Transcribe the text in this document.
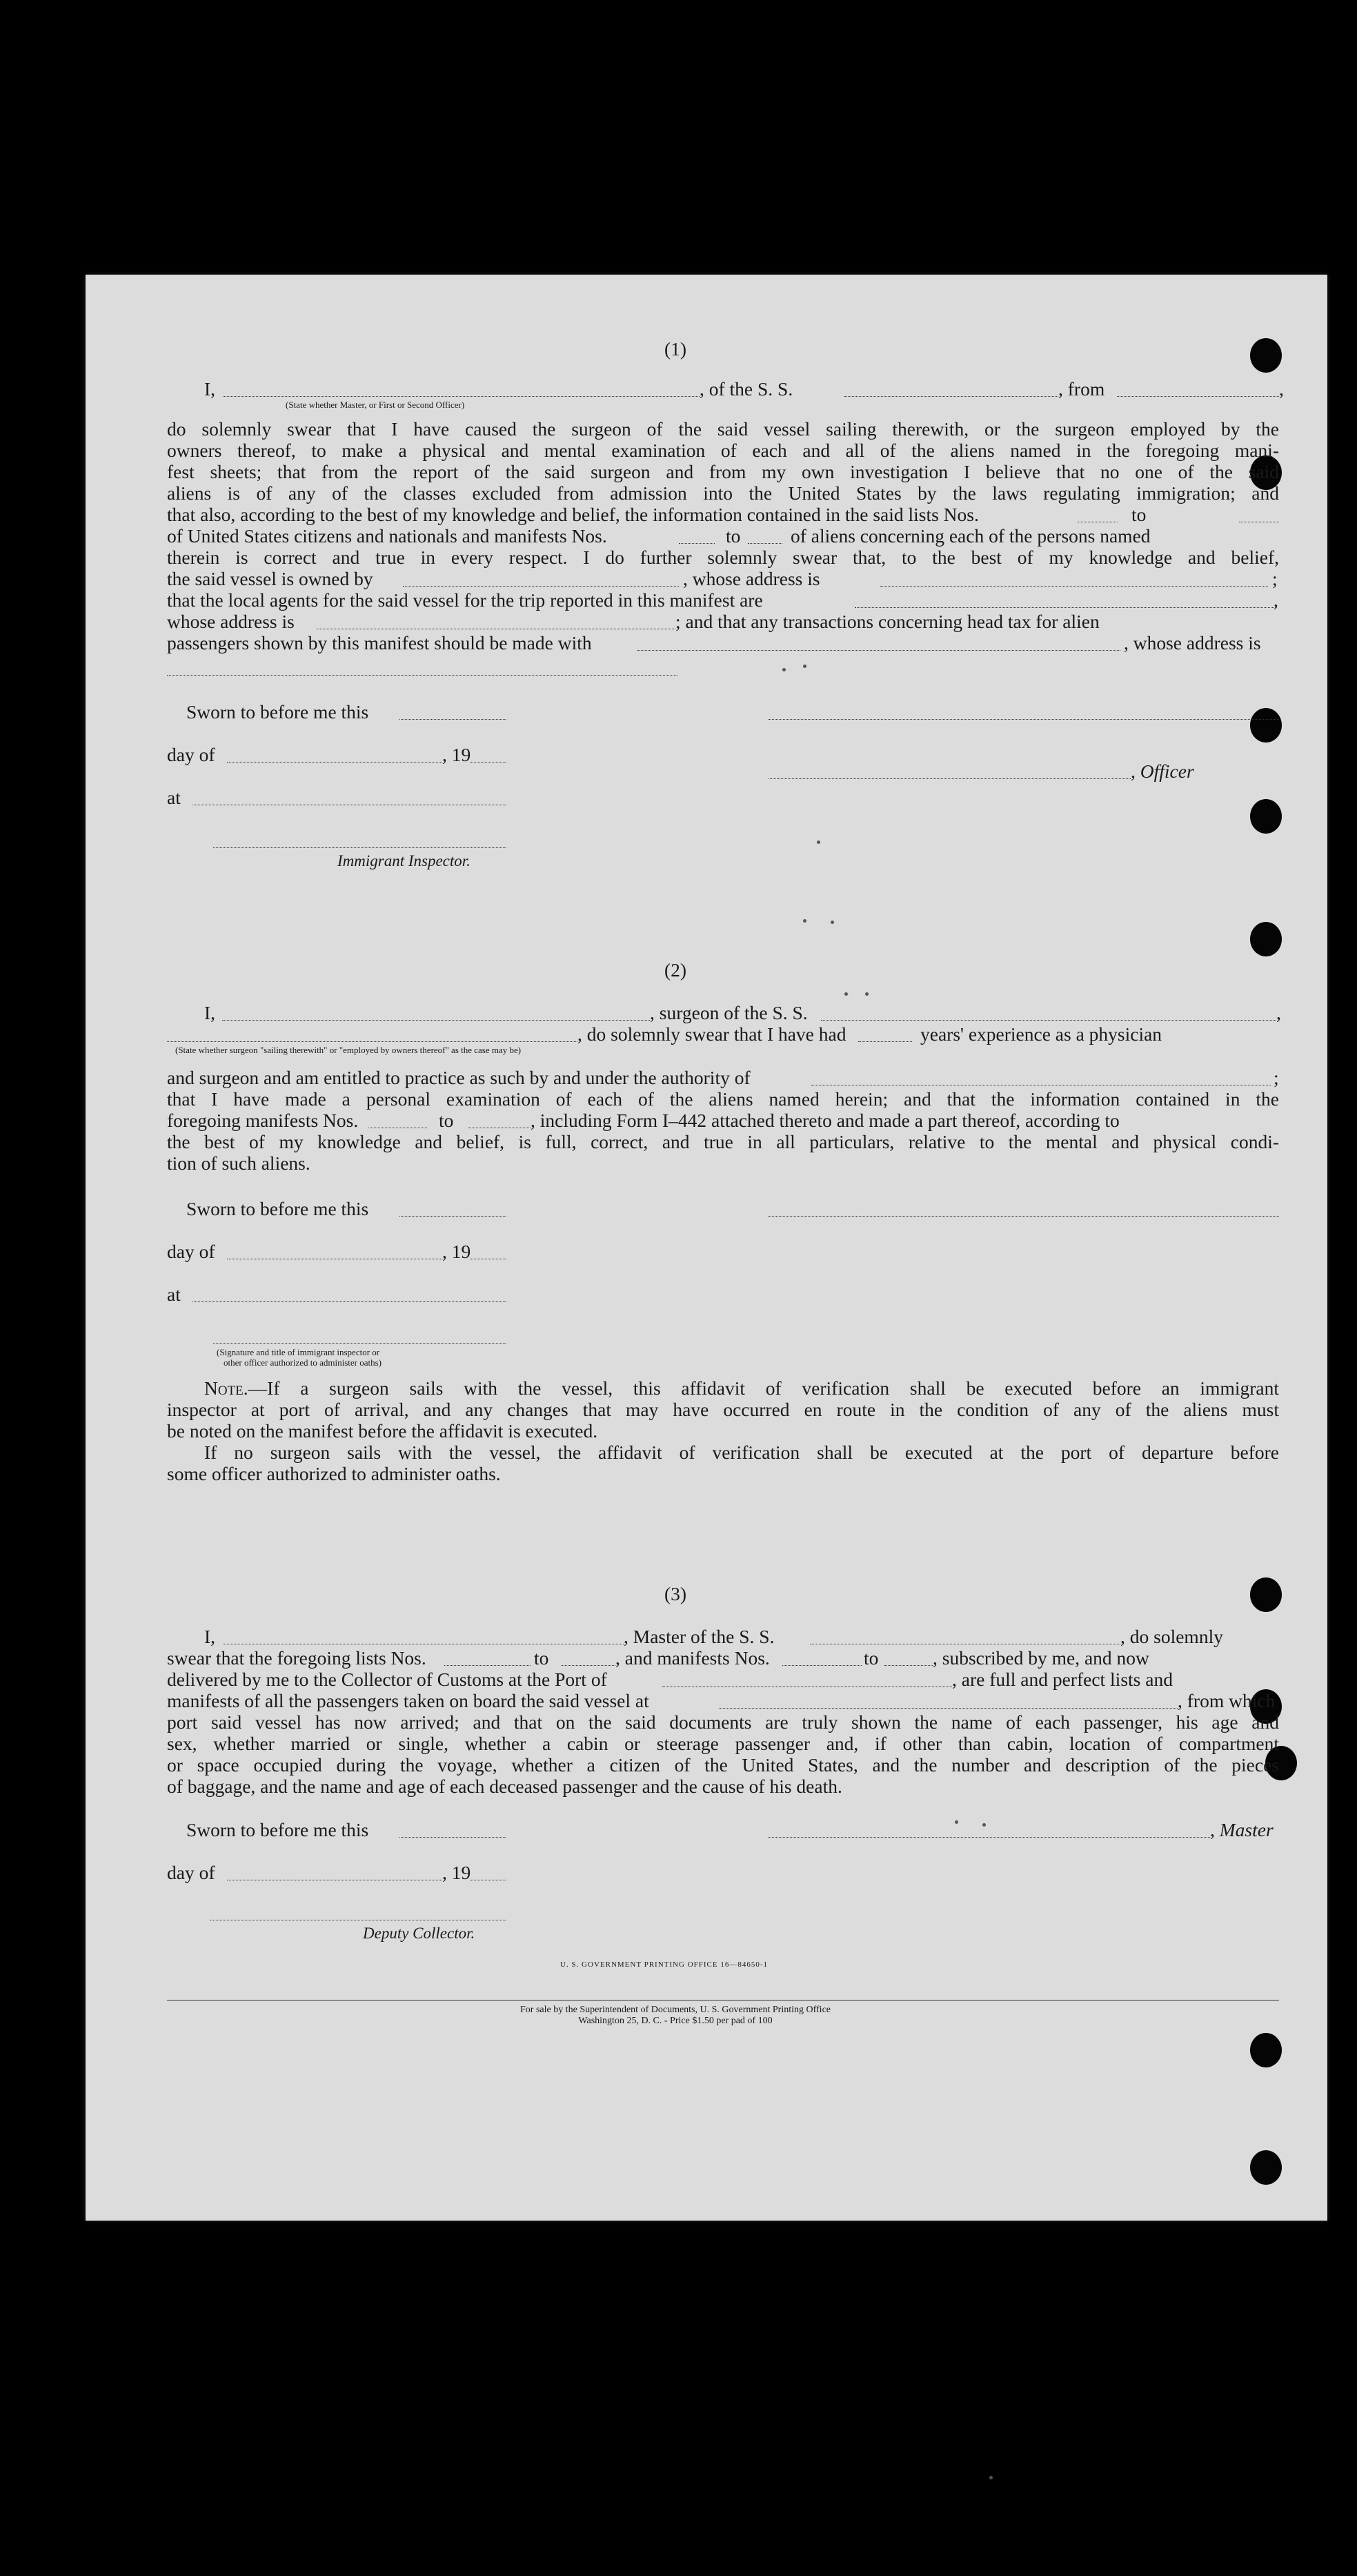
(1)
I,	, of the S. S.	, from	,
(State whether Master, or First or Second Officer)
do solemnly swear that I have caused the surgeon of the said vessel sailing therewith, or the surgeon employed by the
owners thereof, to make a physical and mental examination of each and all of the aliens named in the foregoing mani-
fest sheets; that from the report of the said surgeon and from my own investigation I believe that no one of the said
aliens is of any of the classes excluded from admission into the United States by the laws regulating immigration; and
that also, according to the best of my knowledge and belief, the information contained in the said lists Nos.	to
of United States citizens and nationals and manifests Nos.	to	of aliens concerning each of the persons named
therein is correct and true in every respect. I do further solemnly swear that, to the best of my knowledge and belief,
the said vessel is owned by	, whose address is	;
that the local agents for the said vessel for the trip reported in this manifest are	,
whose address is	; and that any transactions concerning head tax for alien
passengers shown by this manifest should be made with	, whose address is
Sworn to before me this
day of	, 19
, Officer
at
Immigrant Inspector.
(2)
I,	, surgeon of the S. S.	,
, do solemnly swear that I have had	years' experience as a physician
(State whether surgeon "sailing therewith" or "employed by owners thereof" as the case may be)
and surgeon and am entitled to practice as such by and under the authority of	;
that I have made a personal examination of each of the aliens named herein; and that the information contained in the
foregoing manifests Nos.	to	, including Form I–442 attached thereto and made a part thereof, according to
the best of my knowledge and belief, is full, correct, and true in all particulars, relative to the mental and physical condi-
tion of such aliens.
Sworn to before me this
day of	, 19
at
(Signature and title of immigrant inspector or
other officer authorized to administer oaths)
Note.—If a surgeon sails with the vessel, this affidavit of verification shall be executed before an immigrant
inspector at port of arrival, and any changes that may have occurred en route in the condition of any of the aliens must
be noted on the manifest before the affidavit is executed.
If no surgeon sails with the vessel, the affidavit of verification shall be executed at the port of departure before
some officer authorized to administer oaths.
(3)
I,	, Master of the S. S.	, do solemnly
swear that the foregoing lists Nos.	to	, and manifests Nos.	to	, subscribed by me, and now
delivered by me to the Collector of Customs at the Port of	, are full and perfect lists and
manifests of all the passengers taken on board the said vessel at	, from which
port said vessel has now arrived; and that on the said documents are truly shown the name of each passenger, his age and
sex, whether married or single, whether a cabin or steerage passenger and, if other than cabin, location of compartment
or space occupied during the voyage, whether a citizen of the United States, and the number and description of the pieces
of baggage, and the name and age of each deceased passenger and the cause of his death.
Sworn to before me this	, Master
day of	, 19
Deputy Collector.
U. S. GOVERNMENT PRINTING OFFICE 16—84650-1
For sale by the Superintendent of Documents, U. S. Government Printing Office
Washington 25, D. C. - Price $1.50 per pad of 100
